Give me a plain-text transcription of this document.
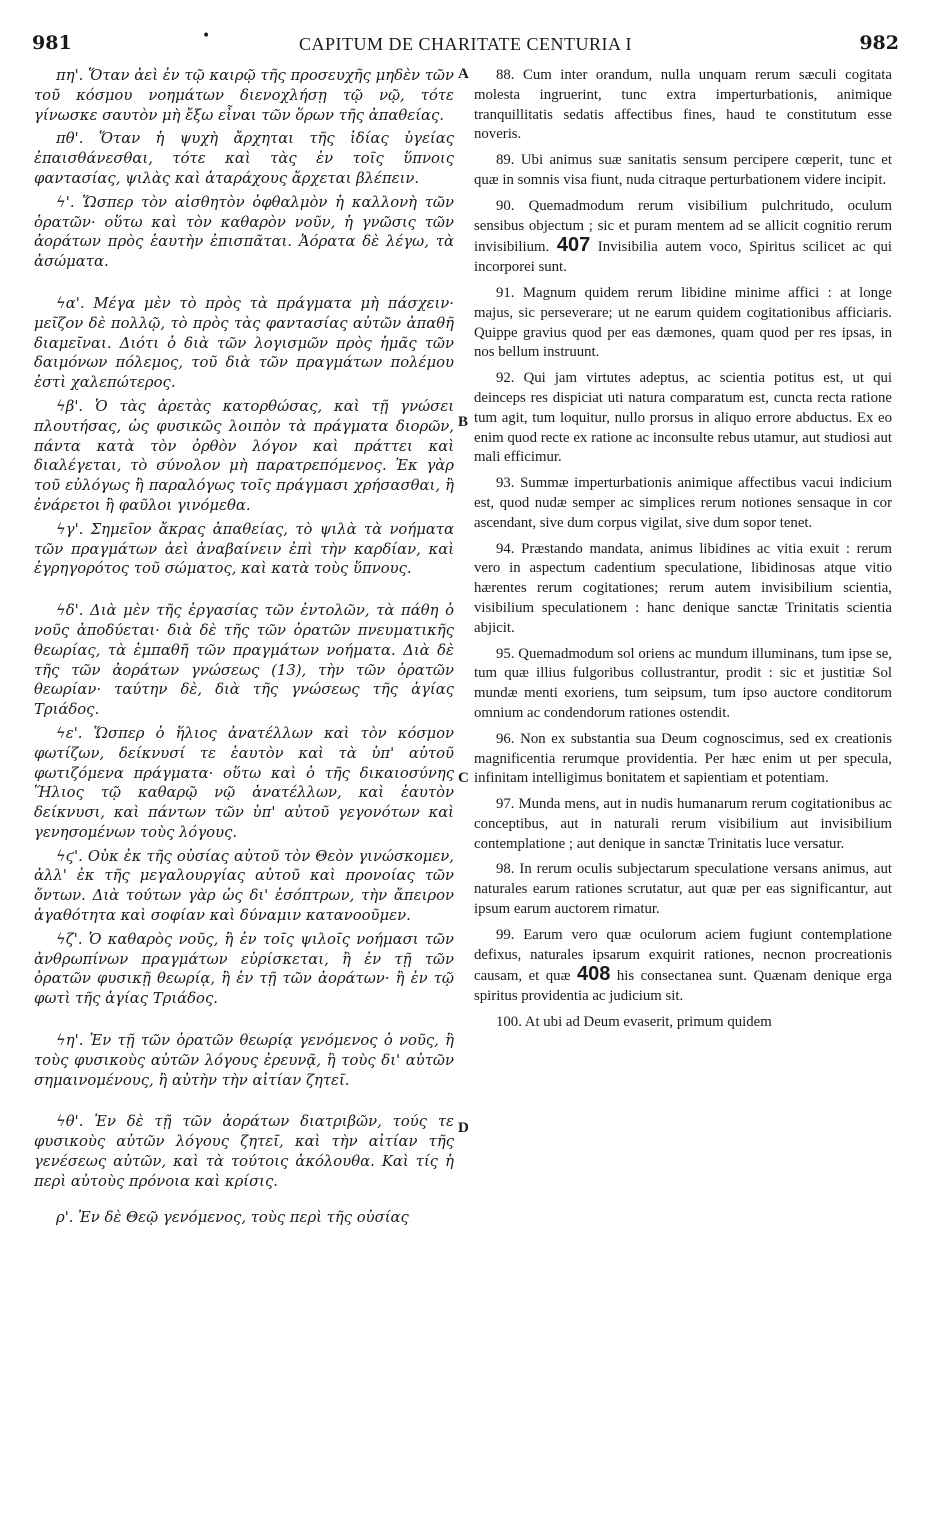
981	•	CAPITUM DE CHARITATE CENTURIA I	982

πη'. Ὅταν ἀεὶ ἐν τῷ καιρῷ τῆς προσευχῆς μηδὲν τῶν τοῦ κόσμου νοημάτων διενοχλήσῃ τῷ νῷ, τότε γίνωσκε σαυτὸν μὴ ἔξω εἶναι τῶν ὅρων τῆς ἀπαθείας.

πθ'. Ὅταν ἡ ψυχὴ ἄρχηται τῆς ἰδίας ὑγείας ἐπαισθάνεσθαι, τότε καὶ τὰς ἐν τοῖς ὕπνοις φαντασίας, ψιλὰς καὶ ἀταράχους ἄρχεται βλέπειν.

ϟ'. Ὥσπερ τὸν αἰσθητὸν ὀφθαλμὸν ἡ καλλονὴ τῶν ὁρατῶν· οὕτω καὶ τὸν καθαρὸν νοῦν, ἡ γνῶσις τῶν ἀοράτων πρὸς ἑαυτὴν ἐπισπᾶται. Ἀόρατα δὲ λέγω, τὰ ἀσώματα.

ϟα'. Μέγα μὲν τὸ πρὸς τὰ πράγματα μὴ πάσχειν· μεῖζον δὲ πολλῷ, τὸ πρὸς τὰς φαντασίας αὐτῶν ἀπαθῆ διαμεῖναι. Διότι ὁ διὰ τῶν λογισμῶν πρὸς ἡμᾶς τῶν δαιμόνων πόλεμος, τοῦ διὰ τῶν πραγμάτων πολέμου ἐστὶ χαλεπώτερος.

ϟβ'. Ὁ τὰς ἀρετὰς κατορθώσας, καὶ τῇ γνώσει πλουτήσας, ὡς φυσικῶς λοιπὸν τὰ πράγματα διορῶν, πάντα κατὰ τὸν ὀρθὸν λόγον καὶ πράττει καὶ διαλέγεται, τὸ σύνολον μὴ παρατρεπόμενος. Ἐκ γὰρ τοῦ εὐλόγως ἢ παραλόγως τοῖς πράγμασι χρήσασθαι, ἢ ἐνάρετοι ἢ φαῦλοι γινόμεθα.

ϟγ'. Σημεῖον ἄκρας ἀπαθείας, τὸ ψιλὰ τὰ νοήματα τῶν πραγμάτων ἀεὶ ἀναβαίνειν ἐπὶ τὴν καρδίαν, καὶ ἐγρηγορότος τοῦ σώματος, καὶ κατὰ τοὺς ὕπνους.

ϟδ'. Διὰ μὲν τῆς ἐργασίας τῶν ἐντολῶν, τὰ πάθη ὁ νοῦς ἀποδύεται· διὰ δὲ τῆς τῶν ὁρατῶν πνευματικῆς θεωρίας, τὰ ἐμπαθῆ τῶν πραγμάτων νοήματα. Διὰ δὲ τῆς τῶν ἀοράτων γνώσεως (13), τὴν τῶν ὁρατῶν θεωρίαν· ταύτην δὲ, διὰ τῆς γνώσεως τῆς ἁγίας Τριάδος.

ϟε'. Ὥσπερ ὁ ἥλιος ἀνατέλλων καὶ τὸν κόσμον φωτίζων, δείκνυσί τε ἑαυτὸν καὶ τὰ ὑπ' αὐτοῦ φωτιζόμενα πράγματα· οὕτω καὶ ὁ τῆς δικαιοσύνης Ἥλιος τῷ καθαρῷ νῷ ἀνατέλλων, καὶ ἑαυτὸν δείκνυσι, καὶ πάντων τῶν ὑπ' αὐτοῦ γεγονότων καὶ γενησομένων τοὺς λόγους.

ϟϛ'. Οὐκ ἐκ τῆς οὐσίας αὐτοῦ τὸν Θεὸν γινώσκομεν, ἀλλ' ἐκ τῆς μεγαλουργίας αὐτοῦ καὶ προνοίας τῶν ὄντων. Διὰ τούτων γὰρ ὡς δι' ἐσόπτρων, τὴν ἄπειρον ἀγαθότητα καὶ σοφίαν καὶ δύναμιν κατανοοῦμεν.

ϟζ'. Ὁ καθαρὸς νοῦς, ἢ ἐν τοῖς ψιλοῖς νοήμασι τῶν ἀνθρωπίνων πραγμάτων εὑρίσκεται, ἢ ἐν τῇ τῶν ὁρατῶν φυσικῇ θεωρίᾳ, ἢ ἐν τῇ τῶν ἀοράτων· ἢ ἐν τῷ φωτὶ τῆς ἁγίας Τριάδος.

ϟη'. Ἐν τῇ τῶν ὁρατῶν θεωρίᾳ γενόμενος ὁ νοῦς, ἢ τοὺς φυσικοὺς αὐτῶν λόγους ἐρευνᾷ, ἢ τοὺς δι' αὐτῶν σημαινομένους, ἢ αὐτὴν τὴν αἰτίαν ζητεῖ.

ϟθ'. Ἐν δὲ τῇ τῶν ἀοράτων διατριβῶν, τούς τε φυσικοὺς αὐτῶν λόγους ζητεῖ, καὶ τὴν αἰτίαν τῆς γενέσεως αὐτῶν, καὶ τὰ τούτοις ἀκόλουθα. Καὶ τίς ἡ περὶ αὐτοὺς πρόνοια καὶ κρίσις.

ρ'. Ἐν δὲ Θεῷ γενόμενος, τοὺς περὶ τῆς οὐσίας

A
B
C
D

88. Cum inter orandum, nulla unquam rerum sæculi cogitata molesta ingruerint, tunc extra imperturbationis, animique tranquillitatis sedatis affectibus fines, haud te constitutum esse noveris.

89. Ubi animus suæ sanitatis sensum percipere cœperit, tunc et quæ in somnis visa fiunt, nuda citraque perturbationem videre incipit.

90. Quemadmodum rerum visibilium pulchritudo, oculum sensibus objectum ; sic et puram mentem ad se allicit cognitio rerum invisibilium. 407 Invisibilia autem voco, Spiritus scilicet ac qui incorporei sunt.

91. Magnum quidem rerum libidine minime affici : at longe majus, sic perseverare; ut ne earum quidem cogitationibus afficiaris. Quippe gravius quod per eas dæmones, quam quod per res ipsas, in nos bellum instruunt.

92. Qui jam virtutes adeptus, ac scientia potitus est, ut qui deinceps res dispiciat uti natura comparatum est, cuncta recta ratione tum agit, tum loquitur, nullo prorsus in aliquo errore abductus. Ex eo enim quod recte ex ratione ac inconsulte rebus utamur, aut studiosi aut mali efficimur.

93. Summæ imperturbationis animique affectibus vacui indicium est, quod nudæ semper ac simplices rerum notiones sensaque in cor ascendant, sive dum corpus vigilat, sive dum sopor tenet.

94. Præstando mandata, animus libidines ac vitia exuit : rerum vero in aspectum cadentium speculatione, libidinosas atque vitio hærentes rerum cogitationes; rerum autem invisibilium scientia, visibilium speculationem : hanc denique sanctæ Trinitatis scientia abjicit.

95. Quemadmodum sol oriens ac mundum illuminans, tum ipse se, tum quæ illius fulgoribus collustrantur, prodit : sic et justitiæ Sol mundæ menti exoriens, tum seipsum, tum ipso auctore conditorum omnium ac condendorum rationes ostendit.

96. Non ex substantia sua Deum cognoscimus, sed ex creationis magnificentia rerumque providentia. Per hæc enim ut per specula, infinitam intelligimus bonitatem et sapientiam et potentiam.

97. Munda mens, aut in nudis humanarum rerum cogitationibus ac conceptibus, aut in naturali rerum visibilium aut invisibilium contemplatione ; aut denique in sanctæ Trinitatis luce versatur.

98. In rerum oculis subjectarum speculatione versans animus, aut naturales earum rationes scrutatur, aut quæ per eas significantur, aut ipsum earum auctorem rimatur.

99. Earum vero quæ oculorum aciem fugiunt contemplatione defixus, naturales ipsarum exquirit rationes, necnon procreationis causam, et quæ 408 his consectanea sunt. Quænam denique erga spiritus providentia ac judicium sit.

100. At ubi ad Deum evaserit, primum quidem
